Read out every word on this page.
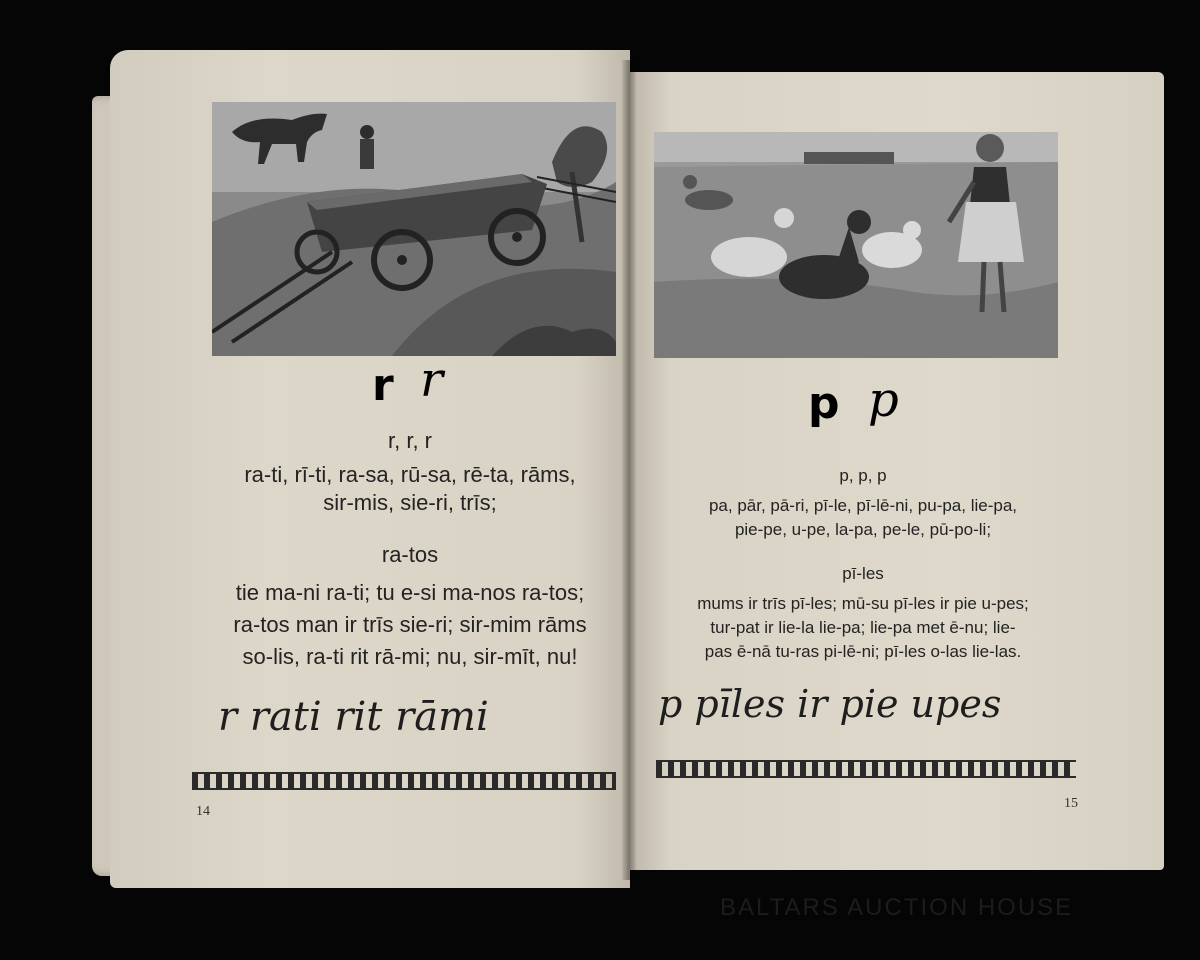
r r
r, r, r
ra-ti, rī-ti, ra-sa, rū-sa, rē-ta, rāms,
sir-mis, sie-ri, trīs;
ra-tos
tie ma-ni ra-ti; tu e-si ma-nos ra-tos;
ra-tos man ir trīs sie-ri; sir-mim rāms
so-lis, ra-ti rit rā-mi; nu, sir-mīt, nu!
r rati rit rāmi
14
p p
p, p, p
pa, pār, pā-ri, pī-le, pī-lē-ni, pu-pa, lie-pa,
pie-pe, u-pe, la-pa, pe-le, pū-po-li;
pī-les
mums ir trīs pī-les; mū-su pī-les ir pie u-pes;
tur-pat ir lie-la lie-pa; lie-pa met ē-nu; lie-
pas ē-nā tu-ras pi-lē-ni; pī-les o-las lie-las.
p pīles ir pie upes
15
BALTARS AUCTION HOUSE
